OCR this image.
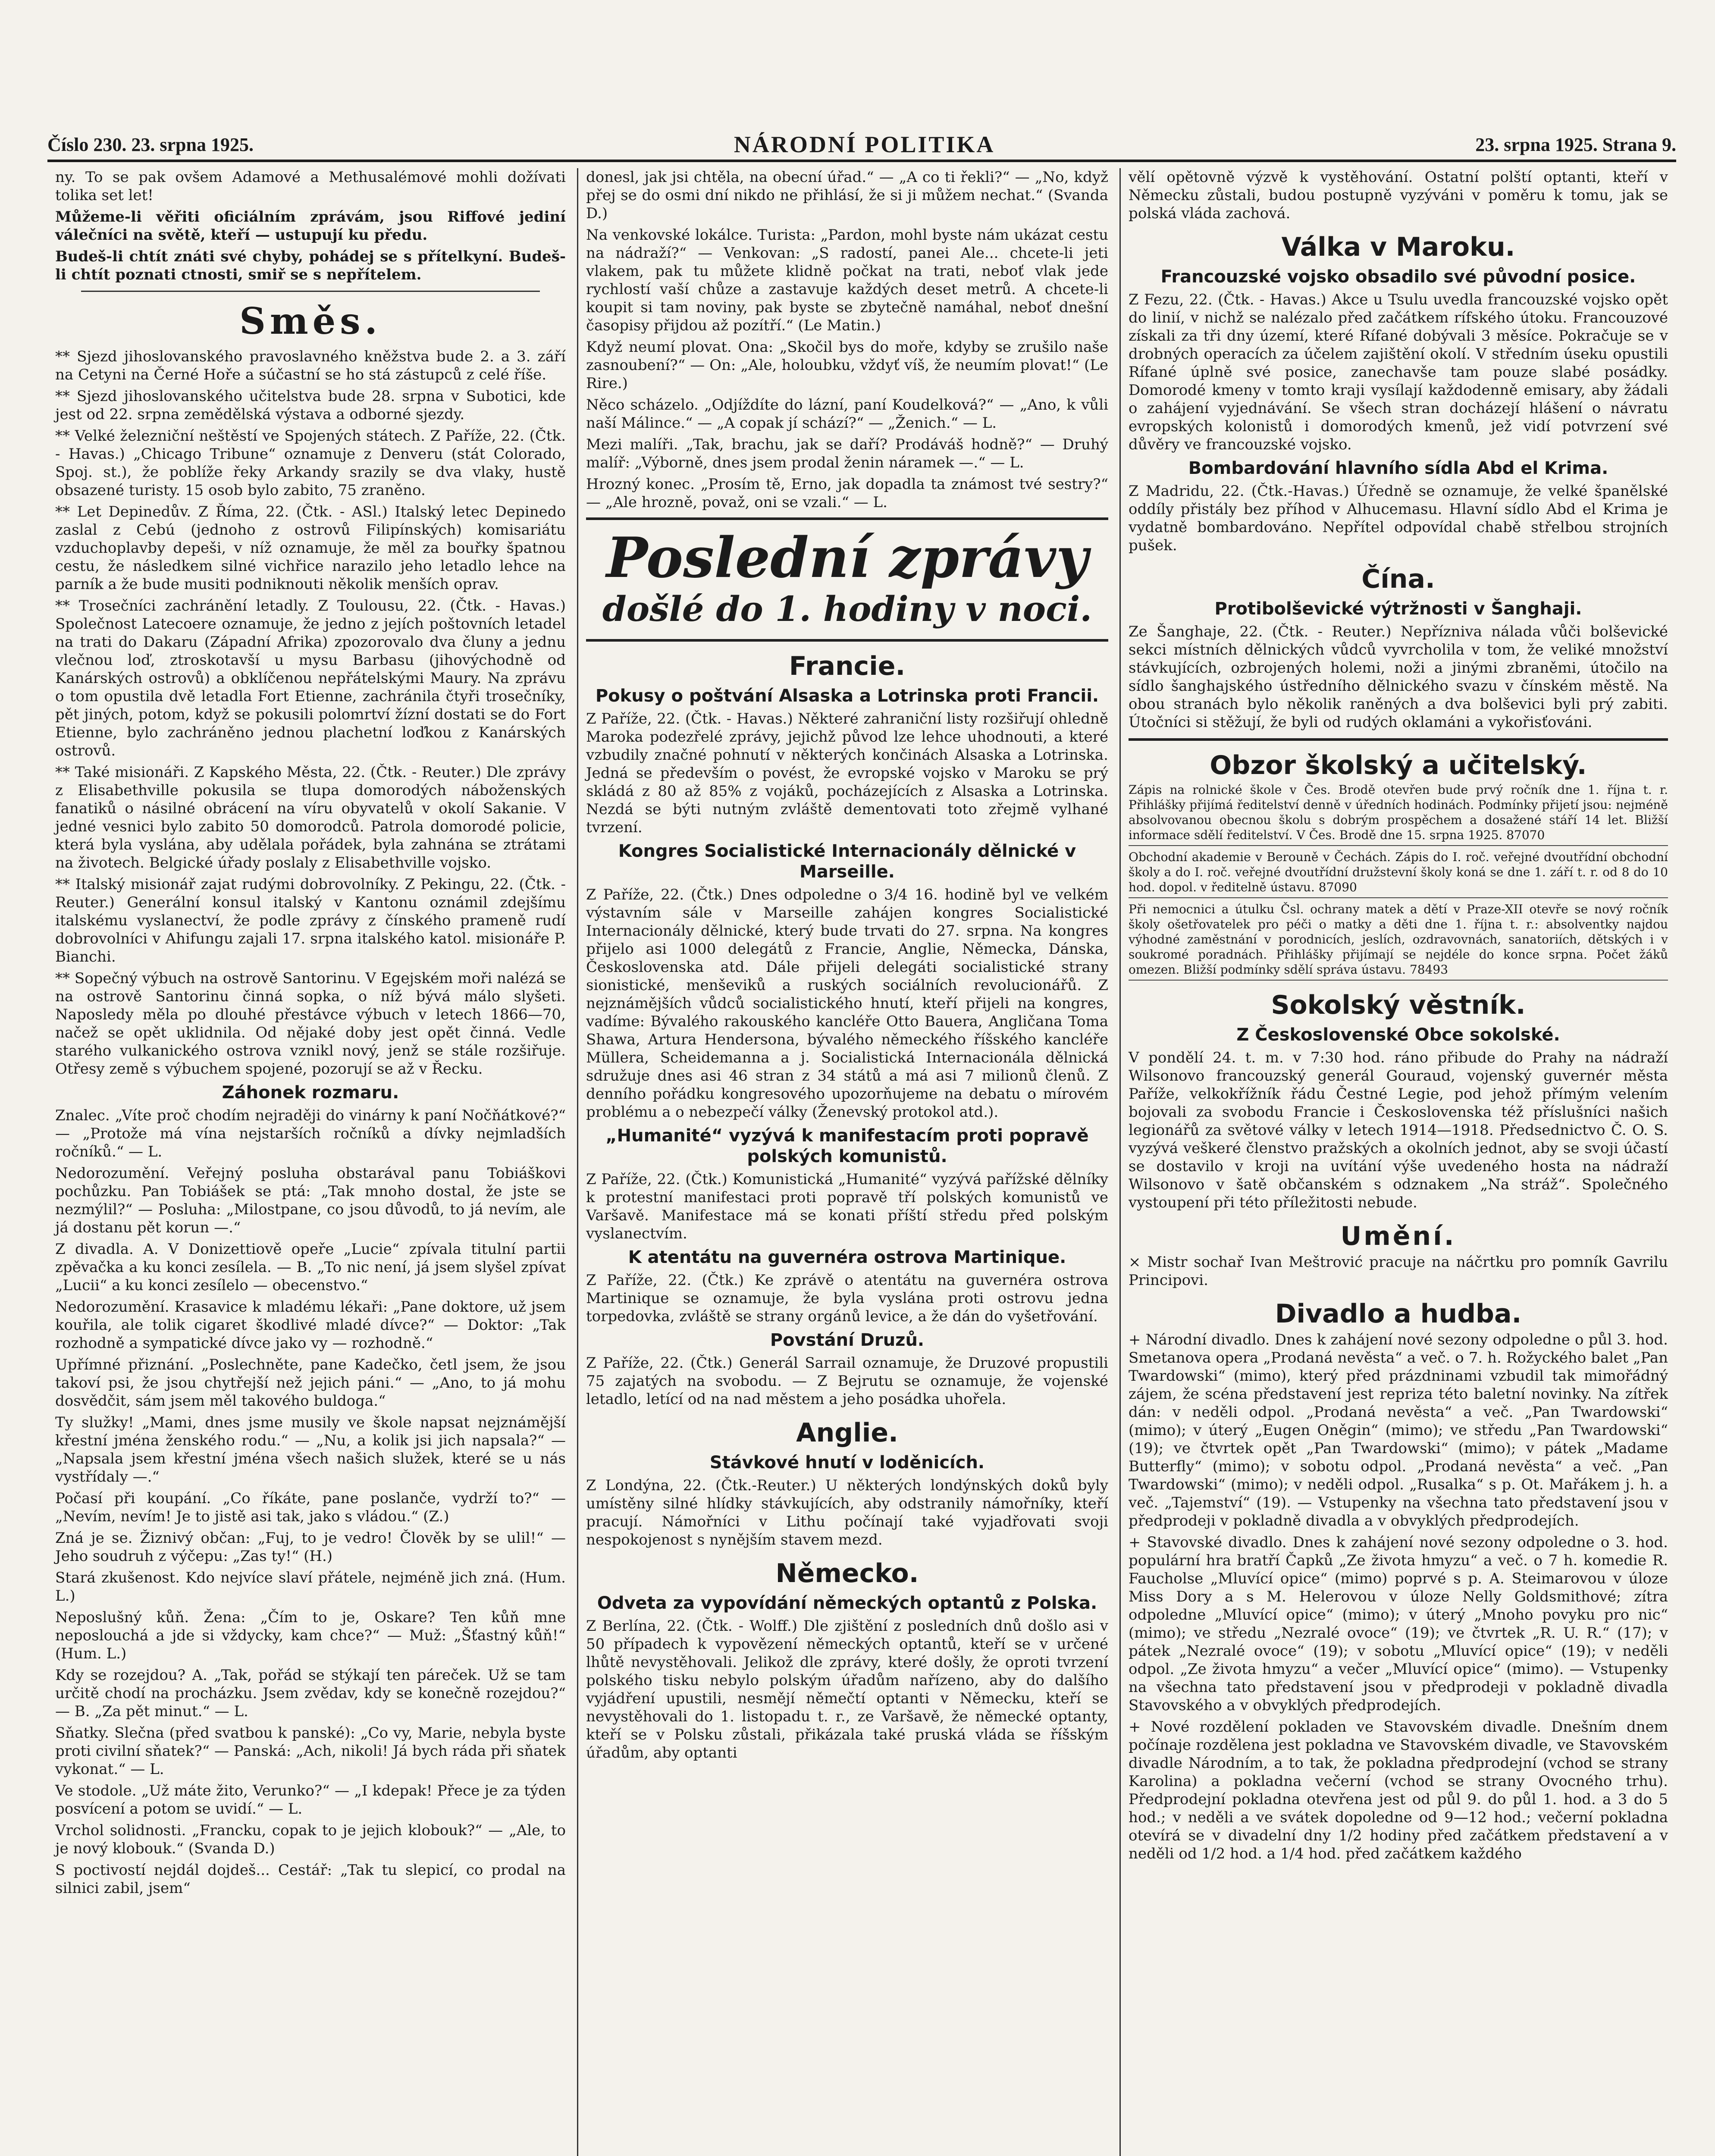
Číslo 230. 23. srpna 1925.	NÁRODNÍ POLITIKA	23. srpna 1925. Strana 9.

ny. To se pak ovšem Adamové a Methusalémové mohli dožívati tolika set let!

Můžeme-li věřiti oficiálním zprávám, jsou Riffové jediní válečníci na světě, kteří — ustupují ku předu.

Budeš-li chtít znáti své chyby, pohádej se s přítelkyní. Budeš-li chtít poznati ctnosti, smiř se s nepřítelem.

Směs.

** Sjezd jihoslovanského pravoslavného kněžstva bude 2. a 3. září na Cetyni na Černé Hoře a súčastní se ho stá zástupců z celé říše.

** Sjezd jihoslovanského učitelstva bude 28. srpna v Subotici, kde jest od 22. srpna zemědělská výstava a odborné sjezdy.

** Velké železniční neštěstí ve Spojených státech. Z Paříže, 22. (Čtk. - Havas.) „Chicago Tribune“ oznamuje z Denveru (stát Colorado, Spoj. st.), že poblíže řeky Arkandy srazily se dva vlaky, hustě obsazené turisty. 15 osob bylo zabito, 75 zraněno.

** Let Depinedův. Z Říma, 22. (Čtk. - ASl.) Italský letec Depinedo zaslal z Cebú (jednoho z ostrovů Filipínských) komisariátu vzduchoplavby depeši, v níž oznamuje, že měl za bouřky špatnou cestu, že následkem silné vichřice narazilo jeho letadlo lehce na parník a že bude musiti podniknouti několik menších oprav.

** Trosečníci zachránění letadly. Z Toulousu, 22. (Čtk. - Havas.) Společnost Latecoere oznamuje, že jedno z jejích poštovních letadel na trati do Dakaru (Západní Afrika) zpozorovalo dva čluny a jednu vlečnou loď, ztroskotavší u mysu Barbasu (jihovýchodně od Kanárských ostrovů) a obklíčenou nepřátelskými Maury. Na zprávu o tom opustila dvě letadla Fort Etienne, zachránila čtyři trosečníky, pět jiných, potom, když se pokusili polomrtví žízní dostati se do Fort Etienne, bylo zachráněno jednou plachetní loďkou z Kanárských ostrovů.

** Také misionáři. Z Kapského Města, 22. (Čtk. - Reuter.) Dle zprávy z Elisabethville pokusila se tlupa domorodých náboženských fanatiků o násilné obrácení na víru obyvatelů v okolí Sakanie. V jedné vesnici bylo zabito 50 domorodců. Patrola domorodé policie, která byla vyslána, aby udělala pořádek, byla zahnána se ztrátami na životech. Belgické úřady poslaly z Elisabethville vojsko.

** Italský misionář zajat rudými dobrovolníky. Z Pekingu, 22. (Čtk. - Reuter.) Generální konsul italský v Kantonu oznámil zdejšímu italskému vyslanectví, že podle zprávy z čínského prameně rudí dobrovolníci v Ahifungu zajali 17. srpna italského katol. misionáře P. Bianchi.

** Sopečný výbuch na ostrově Santorinu. V Egejském moři nalézá se na ostrově Santorinu činná sopka, o níž bývá málo slyšeti. Naposledy měla po dlouhé přestávce výbuch v letech 1866—70, načež se opět uklidnila. Od nějaké doby jest opět činná. Vedle starého vulkanického ostrova vznikl nový, jenž se stále rozšiřuje. Otřesy země s výbuchem spojené, pozorují se až v Řecku.

Záhonek rozmaru.

Znalec. „Víte proč chodím nejraději do vinárny k paní Nočňátkové?“ — „Protože má vína nejstarších ročníků a dívky nejmladších ročníků.“ — L.

Nedorozumění. Veřejný posluha obstarával panu Tobiáškovi pochůzku. Pan Tobiášek se ptá: „Tak mnoho dostal, že jste se nezmýlil?“ — Posluha: „Milostpane, co jsou důvodů, to já nevím, ale já dostanu pět korun —.“

Z divadla. A. V Donizettiově opeře „Lucie“ zpívala titulní partii zpěvačka a ku konci zesílela. — B. „To nic není, já jsem slyšel zpívat „Lucii“ a ku konci zesílelo — obecenstvo.“

Nedorozumění. Krasavice k mladému lékaři: „Pane doktore, už jsem kouřila, ale tolik cigaret škodlivé mladé dívce?“ — Doktor: „Tak rozhodně a sympatické dívce jako vy — rozhodně.“

Upřímné přiznání. „Poslechněte, pane Kadečko, četl jsem, že jsou takoví psi, že jsou chytřejší než jejich páni.“ — „Ano, to já mohu dosvědčit, sám jsem měl takového buldoga.“

Ty služky! „Mami, dnes jsme musily ve škole napsat nejznámější křestní jména ženského rodu.“ — „Nu, a kolik jsi jich napsala?“ — „Napsala jsem křestní jména všech našich služek, které se u nás vystřídaly —.“

Počasí při koupání. „Co říkáte, pane poslanče, vydrží to?“ — „Nevím, nevím! Je to jistě asi tak, jako s vládou.“ (Z.)

Zná je se. Žiznivý občan: „Fuj, to je vedro! Člověk by se ulil!“ — Jeho soudruh z výčepu: „Zas ty!“ (H.)

Stará zkušenost. Kdo nejvíce slaví přátele, nejméně jich zná. (Hum. L.)

Neposlušný kůň. Žena: „Čím to je, Oskare? Ten kůň mne neposlouchá a jde si vždycky, kam chce?“ — Muž: „Šťastný kůň!“ (Hum. L.)

Kdy se rozejdou? A. „Tak, pořád se stýkají ten páreček. Už se tam určitě chodí na procházku. Jsem zvědav, kdy se konečně rozejdou?“ — B. „Za pět minut.“ — L.

Sňatky. Slečna (před svatbou k panské): „Co vy, Marie, nebyla byste proti civilní sňatek?“ — Panská: „Ach, nikoli! Já bych ráda při sňatek vykonat.“ — L.

Ve stodole. „Už máte žito, Verunko?“ — „I kdepak! Přece je za týden posvícení a potom se uvidí.“ — L.

Vrchol solidnosti. „Francku, copak to je jejich klobouk?“ — „Ale, to je nový klobouk.“ (Svanda D.)

S poctivostí nejdál dojdeš... Cestář: „Tak tu slepicí, co prodal na silnici zabil, jsem“

donesl, jak jsi chtěla, na obecní úřad.“ — „A co ti řekli?“ — „No, když přej se do osmi dní nikdo ne přihlásí, že si ji můžem nechat.“ (Svanda D.)

Na venkovské lokálce. Turista: „Pardon, mohl byste nám ukázat cestu na nádraží?“ — Venkovan: „S radostí, panei Ale... chcete-li jeti vlakem, pak tu můžete klidně počkat na trati, neboť vlak jede rychlostí vaší chůze a zastavuje každých deset metrů. A chcete-li koupit si tam noviny, pak byste se zbytečně namáhal, neboť dnešní časopisy přijdou až pozítří.“ (Le Matin.)

Když neumí plovat. Ona: „Skočil bys do moře, kdyby se zrušilo naše zasnoubení?“ — On: „Ale, holoubku, vždyť víš, že neumím plovat!“ (Le Rire.)

Něco scházelo. „Odjíždíte do lázní, paní Koudelková?“ — „Ano, k vůli naší Málince.“ — „A copak jí schází?“ — „Ženich.“ — L.

Mezi malíři. „Tak, brachu, jak se daří? Prodáváš hodně?“ — Druhý malíř: „Výborně, dnes jsem prodal ženin náramek —.“ — L.

Hrozný konec. „Prosím tě, Erno, jak dopadla ta známost tvé sestry?“ — „Ale hrozně, považ, oni se vzali.“ — L.

Poslední zprávy
došlé do 1. hodiny v noci.
Francie.
Pokusy o poštvání Alsaska a Lotrinska proti Francii.

Z Paříže, 22. (Čtk. - Havas.) Některé zahraniční listy rozšiřují ohledně Maroka podezřelé zprávy, jejichž původ lze lehce uhodnouti, a které vzbudily značné pohnutí v některých končinách Alsaska a Lotrinska. Jedná se především o povést, že evropské vojsko v Maroku se prý skládá z 80 až 85% z vojáků, pocházejících z Alsaska a Lotrinska. Nezdá se býti nutným zvláště dementovati toto zřejmě vylhané tvrzení.

Kongres Socialistické Internacionály dělnické v Marseille.

Z Paříže, 22. (Čtk.) Dnes odpoledne o 3/4 16. hodině byl ve velkém výstavním sále v Marseille zahájen kongres Socialistické Internacionály dělnické, který bude trvati do 27. srpna. Na kongres přijelo asi 1000 delegátů z Francie, Anglie, Německa, Dánska, Československa atd. Dále přijeli delegáti socialistické strany sionistické, menševiků a ruských sociálních revolucionářů. Z nejznámějších vůdců socialistického hnutí, kteří přijeli na kongres, vadíme: Bývalého rakouského kancléře Otto Bauera, Angličana Toma Shawa, Artura Hendersona, bývalého německého říšského kancléře Müllera, Scheidemanna a j. Socialistická Internacionála dělnická sdružuje dnes asi 46 stran z 34 států a má asi 7 milionů členů. Z denního pořádku kongresového upozorňujeme na debatu o mírovém problému a o nebezpečí války (Ženevský protokol atd.).

„Humanité“ vyzývá k manifestacím proti popravě polských komunistů.

Z Paříže, 22. (Čtk.) Komunistická „Humanité“ vyzývá pařížské dělníky k protestní manifestaci proti popravě tří polských komunistů ve Varšavě. Manifestace má se konati příští středu před polským vyslanectvím.

K atentátu na guvernéra ostrova Martinique.

Z Paříže, 22. (Čtk.) Ke zprávě o atentátu na guvernéra ostrova Martinique se oznamuje, že byla vyslána proti ostrovu jedna torpedovka, zvláště se strany orgánů levice, a že dán do vyšetřování.

Povstání Druzů.

Z Paříže, 22. (Čtk.) Generál Sarrail oznamuje, že Druzové propustili 75 zajatých na svobodu. — Z Bejrutu se oznamuje, že vojenské letadlo, letící od na nad městem a jeho posádka uhořela.

Anglie.
Stávkové hnutí v loděnicích.

Z Londýna, 22. (Čtk.-Reuter.) U některých londýnských doků byly umístěny silné hlídky stávkujících, aby odstranily námořníky, kteří pracují. Námořníci v Lithu počínají také vyjadřovati svoji nespokojenost s nynějším stavem mezd.

Německo.
Odveta za vypovídání německých optantů z Polska.

Z Berlína, 22. (Čtk. - Wolff.) Dle zjištění z posledních dnů došlo asi v 50 případech k vypovězení německých optantů, kteří se v určené lhůtě nevystěhovali. Jelikož dle zprávy, které došly, že oproti tvrzení polského tisku nebylo polským úřadům nařízeno, aby do dalšího vyjádření upustili, nesmějí němečtí optanti v Německu, kteří se nevystěhovali do 1. listopadu t. r., ze Varšavě, že německé optanty, kteří se v Polsku zůstali, přikázala také pruská vláda se říšským úřadům, aby optanti

vělí opětovně výzvě k vystěhování. Ostatní polští optanti, kteří v Německu zůstali, budou postupně vyzýváni v poměru k tomu, jak se polská vláda zachová.

Válka v Maroku.
Francouzské vojsko obsadilo své původní posice.

Z Fezu, 22. (Čtk. - Havas.) Akce u Tsulu uvedla francouzské vojsko opět do linií, v nichž se nalézalo před začátkem rífského útoku. Francouzové získali za tři dny území, které Rífané dobývali 3 měsíce. Pokračuje se v drobných operacích za účelem zajištění okolí. V středním úseku opustili Rífané úplně své posice, zanechavše tam pouze slabé posádky. Domorodé kmeny v tomto kraji vysílají každodenně emisary, aby žádali o zahájení vyjednávání. Se všech stran docházejí hlášení o návratu evropských kolonistů i domorodých kmenů, jež vidí potvrzení své důvěry ve francouzské vojsko.

Bombardování hlavního sídla Abd el Krima.

Z Madridu, 22. (Čtk.-Havas.) Úředně se oznamuje, že velké španělské oddíly přistály bez příhod v Alhucemasu. Hlavní sídlo Abd el Krima je vydatně bombardováno. Nepřítel odpovídal chabě střelbou strojních pušek.

Čína.
Protibolševické výtržnosti v Šanghaji.

Ze Šanghaje, 22. (Čtk. - Reuter.) Nepřízniva nálada vůči bolševické sekci místních dělnických vůdců vyvrcholila v tom, že veliké množství stávkujících, ozbrojených holemi, noži a jinými zbraněmi, útočilo na sídlo šanghajského ústředního dělnického svazu v čínském městě. Na obou stranách bylo několik raněných a dva bolševici byli prý zabiti. Útočníci si stěžují, že byli od rudých oklamáni a vykořisťováni.

Obzor školský a učitelský.

Zápis na rolnické škole v Čes. Brodě otevřen bude prvý ročník dne 1. října t. r. Přihlášky přijímá ředitelství denně v úředních hodinách. Podmínky přijetí jsou: nejméně absolvovanou obecnou školu s dobrým prospěchem a dosažené stáří 14 let. Bližší informace sdělí ředitelství. V Čes. Brodě dne 15. srpna 1925. 87070

Obchodní akademie v Berouně v Čechách. Zápis do I. roč. veřejné dvoutřídní obchodní školy a do I. roč. veřejné dvoutřídní družstevní školy koná se dne 1. září t. r. od 8 do 10 hod. dopol. v ředitelně ústavu. 87090

Při nemocnici a útulku Čsl. ochrany matek a dětí v Praze-XII otevře se nový ročník školy ošetřovatelek pro péči o matky a děti dne 1. října t. r.: absolventky najdou výhodné zaměstnání v porodnicích, jeslích, ozdravovnách, sanatoriích, dětských i v soukromé poradnách. Přihlášky přijímají se nejdéle do konce srpna. Počet žáků omezen. Bližší podmínky sdělí správa ústavu. 78493

Sokolský věstník.
Z Československé Obce sokolské.

V pondělí 24. t. m. v 7:30 hod. ráno přibude do Prahy na nádraží Wilsonovo francouzský generál Gouraud, vojenský guvernér města Paříže, velkokřížník řádu Čestné Legie, pod jehož přímým velením bojovali za svobodu Francie i Československa též příslušníci našich legionářů za světové války v letech 1914—1918. Předsednictvo Č. O. S. vyzývá veškeré členstvo pražských a okolních jednot, aby se svoji účastí se dostavilo v kroji na uvítání výše uvedeného hosta na nádraží Wilsonovo v šatě občanském s odznakem „Na stráž“. Společného vystoupení při této příležitosti nebude.

Umění.

× Mistr sochař Ivan Meštrović pracuje na náčrtku pro pomník Gavrilu Principovi.

Divadlo a hudba.

+ Národní divadlo. Dnes k zahájení nové sezony odpoledne o půl 3. hod. Smetanova opera „Prodaná nevěsta“ a več. o 7. h. Rožyckého balet „Pan Twardowski“ (mimo), který před prázdninami vzbudil tak mimořádný zájem, že scéna představení jest repriza této baletní novinky. Na zítřek dán: v neděli odpol. „Prodaná nevěsta“ a več. „Pan Twardowski“ (mimo); v úterý „Eugen Oněgin“ (mimo); ve středu „Pan Twardowski“ (19); ve čtvrtek opět „Pan Twardowski“ (mimo); v pátek „Madame Butterfly“ (mimo); v sobotu odpol. „Prodaná nevěsta“ a več. „Pan Twardowski“ (mimo); v neděli odpol. „Rusalka“ s p. Ot. Mařákem j. h. a več. „Tajemství“ (19). — Vstupenky na všechna tato představení jsou v předprodeji v pokladně divadla a v obvyklých předprodejích.

+ Stavovské divadlo. Dnes k zahájení nové sezony odpoledne o 3. hod. populární hra bratří Čapků „Ze života hmyzu“ a več. o 7 h. komedie R. Faucholse „Mluvící opice“ (mimo) poprvé s p. A. Steimarovou v úloze Miss Dory a s M. Helerovou v úloze Nelly Goldsmithové; zítra odpoledne „Mluvící opice“ (mimo); v úterý „Mnoho povyku pro nic“ (mimo); ve středu „Nezralé ovoce“ (19); ve čtvrtek „R. U. R.“ (17); v pátek „Nezralé ovoce“ (19); v sobotu „Mluvící opice“ (19); v neděli odpol. „Ze života hmyzu“ a večer „Mluvící opice“ (mimo). — Vstupenky na všechna tato představení jsou v předprodeji v pokladně divadla Stavovského a v obvyklých předprodejích.

+ Nové rozdělení pokladen ve Stavovském divadle. Dnešním dnem počínaje rozdělena jest pokladna ve Stavovském divadle, ve Stavovském divadle Národním, a to tak, že pokladna předprodejní (vchod se strany Karolina) a pokladna večerní (vchod se strany Ovocného trhu). Předprodejní pokladna otevřena jest od půl 9. do půl 1. hod. a 3 do 5 hod.; v neděli a ve svátek dopoledne od 9—12 hod.; večerní pokladna otevírá se v divadelní dny 1/2 hodiny před začátkem představení a v neděli od 1/2 hod. a 1/4 hod. před začátkem každého
